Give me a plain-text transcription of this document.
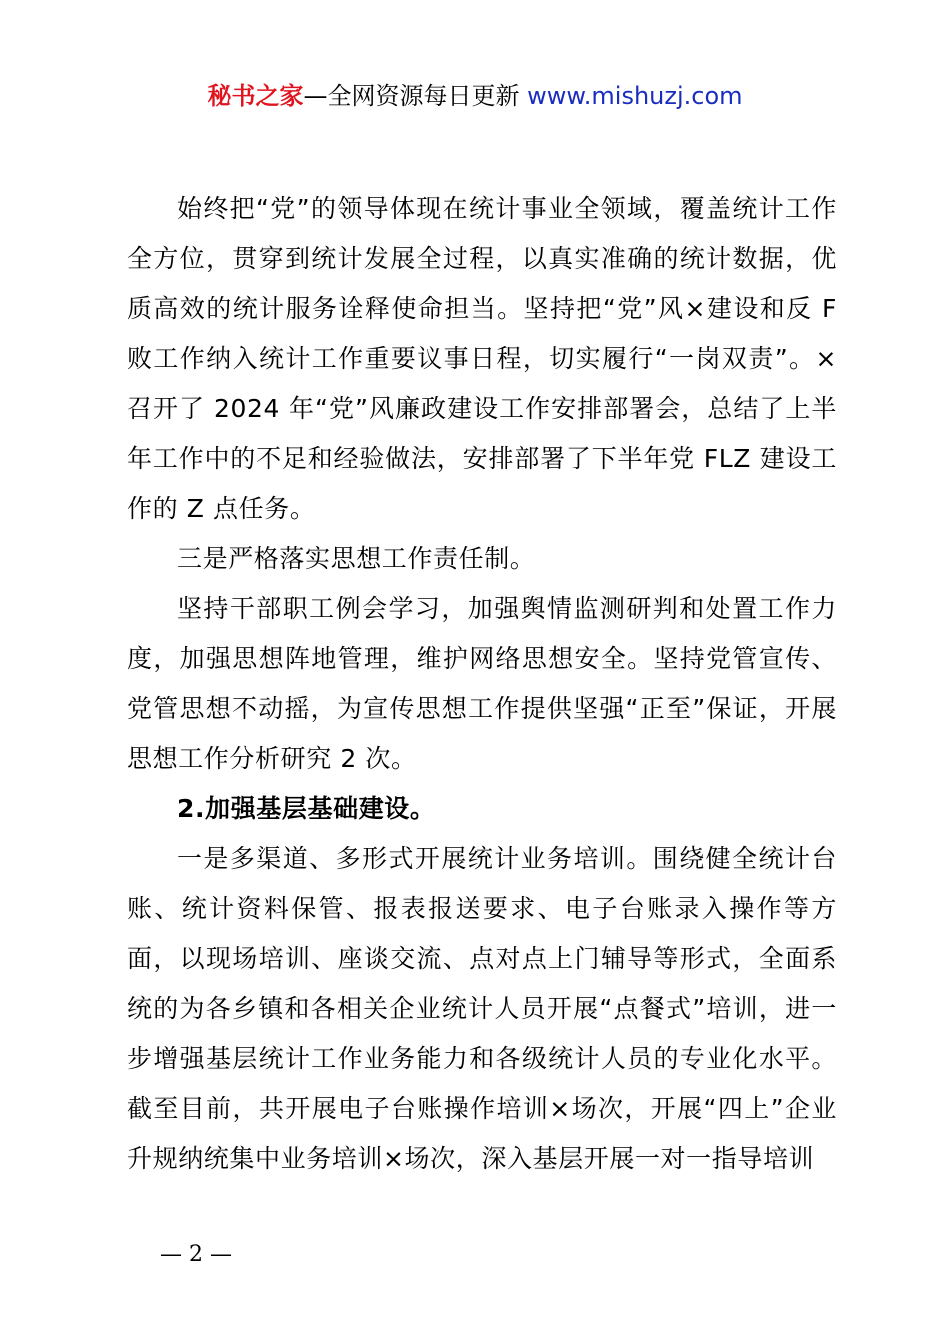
秘书之家—全网资源每日更新 www.mishuzj.com

始终把“党”的领导体现在统计事业全领域，覆盖统计工作全方位，贯穿到统计发展全过程，以真实准确的统计数据，优质高效的统计服务诠释使命担当。坚持把“党”风×建设和反 F 败工作纳入统计工作重要议事日程，切实履行“一岗双责”。×召开了 2024 年“党”风廉政建设工作安排部署会，总结了上半年工作中的不足和经验做法，安排部署了下半年党 FLZ 建设工作的 Z 点任务。

三是严格落实思想工作责任制。

坚持干部职工例会学习，加强舆情监测研判和处置工作力度，加强思想阵地管理，维护网络思想安全。坚持党管宣传、党管思想不动摇，为宣传思想工作提供坚强“正至”保证，开展思想工作分析研究 2 次。

2.加强基层基础建设。

一是多渠道、多形式开展统计业务培训。围绕健全统计台账、统计资料保管、报表报送要求、电子台账录入操作等方面，以现场培训、座谈交流、点对点上门辅导等形式，全面系统的为各乡镇和各相关企业统计人员开展“点餐式”培训，进一步增强基层统计工作业务能力和各级统计人员的专业化水平。截至目前，共开展电子台账操作培训×场次，开展“四上”企业升规纳统集中业务培训×场次，深入基层开展一对一指导培训

— 2 —
